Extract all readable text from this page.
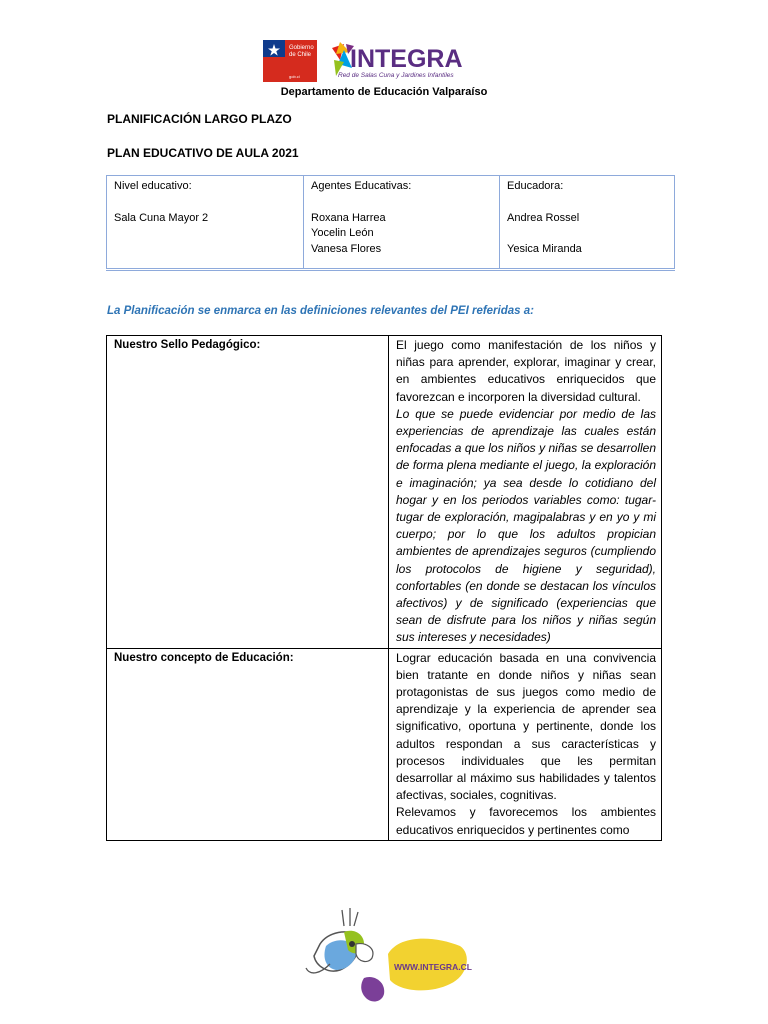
Gobierno
de Chile
gob.cl
INTEGRA
Red de Salas Cuna y Jardines Infantiles
Departamento de Educación Valparaíso
PLANIFICACIÓN LARGO PLAZO
PLAN EDUCATIVO DE AULA 2021
Nivel educativo:
Sala Cuna Mayor 2

Agentes Educativas:
Roxana Harrea
Yocelin León
Vanesa Flores

Educadora:
Andrea Rossel
Yesica Miranda
La Planificación se enmarca en las definiciones relevantes del PEI referidas a:
Nuestro Sello Pedagógico:	El juego como manifestación de los niños y niñas para aprender, explorar, imaginar y crear, en ambientes educativos enriquecidos que favorezcan e incorporen la diversidad cultural.
Lo que se puede evidenciar por medio de las experiencias de aprendizaje las cuales están enfocadas a que los niños y niñas se desarrollen de forma plena mediante el juego, la exploración e imaginación; ya sea desde lo cotidiano del hogar y en los periodos variables como: tugar- tugar de exploración, magipalabras y en yo y mi cuerpo; por lo que los adultos propician ambientes de aprendizajes seguros (cumpliendo los protocolos de higiene y seguridad), confortables (en donde se destacan los vínculos afectivos) y de significado (experiencias que sean de disfrute para los niños y niñas según sus intereses y necesidades)

Nuestro concepto de Educación:	Lograr educación basada en una convivencia bien tratante en donde niños y niñas sean protagonistas de sus juegos como medio de aprendizaje y la experiencia de aprender sea significativo, oportuna y pertinente, donde los adultos respondan a sus características y procesos individuales que les permitan desarrollar al máximo sus habilidades y talentos afectivas, sociales, cognitivas.
Relevamos y favorecemos los ambientes educativos enriquecidos y pertinentes como
WWW.INTEGRA.CL
